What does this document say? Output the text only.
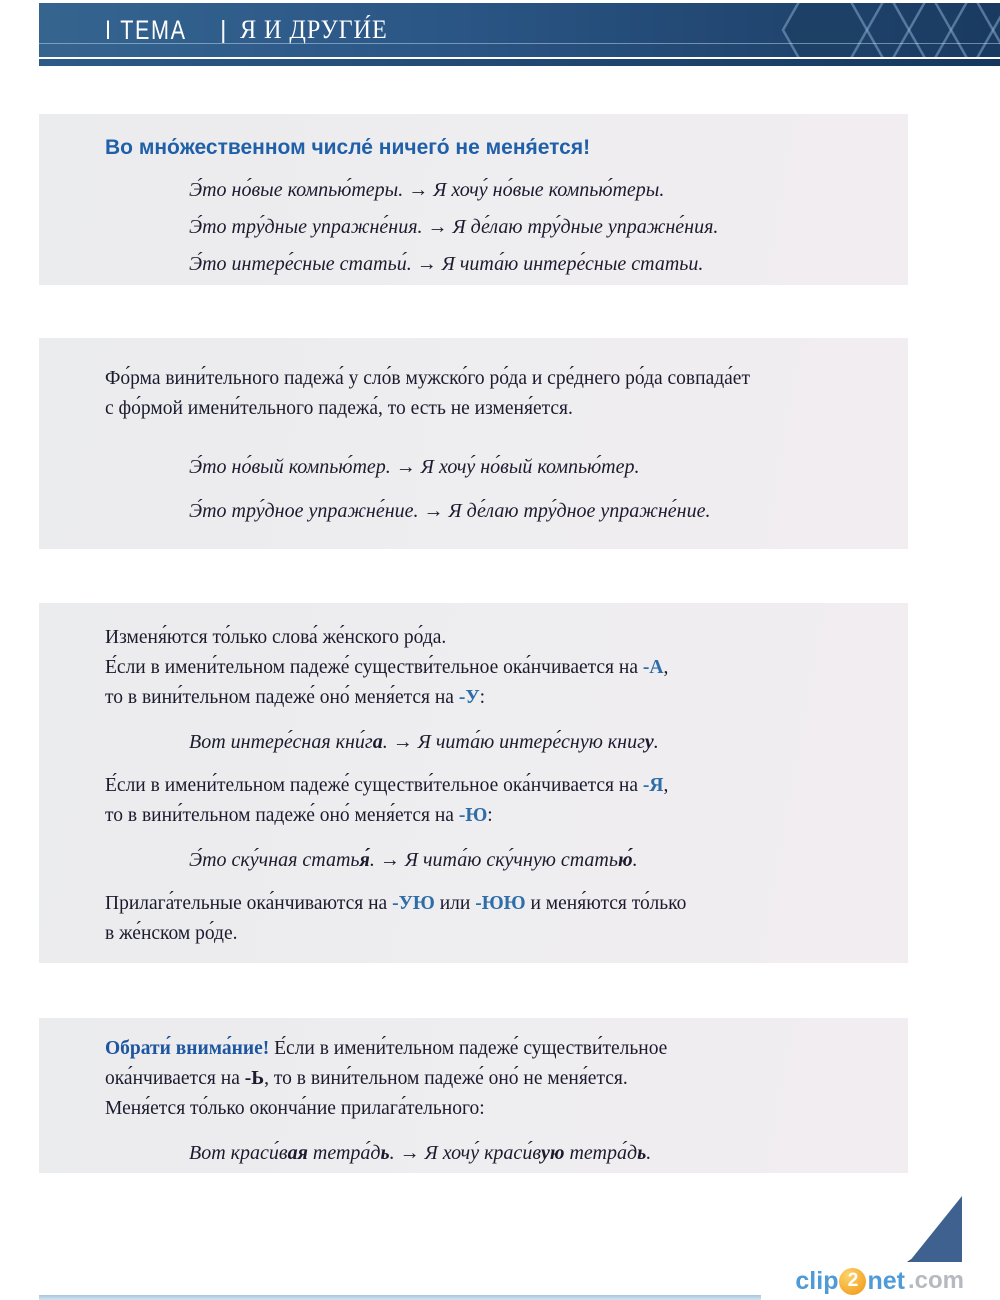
I ТЕМА | Я И ДРУГИ́Е

Во мно́жественном числе́ ничего́ не меня́ется!

Э́то но́вые компью́теры. → Я хочу́ но́вые компью́теры.

Э́то тру́дные упражне́ния. → Я де́лаю тру́дные упражне́ния.

Э́то интере́сные статьи́. → Я чита́ю интере́сные статьи.

Фо́рма вини́тельного падежа́ у сло́в мужско́го ро́да и сре́днего ро́да совпада́ет

с фо́рмой имени́тельного падежа́, то есть не изменя́ется.

Э́то но́вый компью́тер. → Я хочу́ но́вый компью́тер.

Э́то тру́дное упражне́ние. → Я де́лаю тру́дное упражне́ние.

Изменя́ются то́лько слова́ же́нского ро́да.

Е́сли в имени́тельном падеже́ существи́тельное ока́нчивается на -А,

то в вини́тельном падеже́ оно́ меня́ется на -У:

Вот интере́сная кни́га. → Я чита́ю интере́сную книгу.

Е́сли в имени́тельном падеже́ существи́тельное ока́нчивается на -Я,

то в вини́тельном падеже́ оно́ меня́ется на -Ю:

Э́то ску́чная статья́. → Я чита́ю ску́чную статью́.

Прилага́тельные ока́нчиваются на -УЮ или -ЮЮ и меня́ются то́лько

в же́нском ро́де.

Обрати́ внима́ние! Е́сли в имени́тельном падеже́ существи́тельное

ока́нчивается на -Ь, то в вини́тельном падеже́ оно́ не меня́ется.

Меня́ется то́лько оконча́ние прилага́тельного:

Вот краси́вая тетра́дь. → Я хочу́ краси́вую тетра́дь.

clip 2 net .com
